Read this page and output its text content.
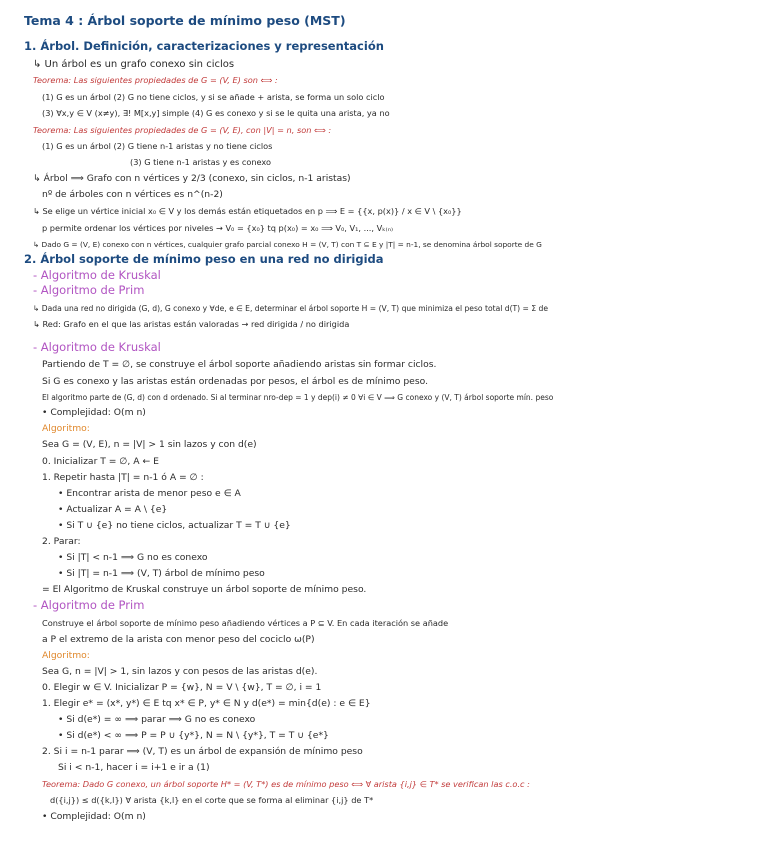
Tema 4 : Árbol soporte de mínimo peso (MST)
1. Árbol. Definición, caracterizaciones y representación
↳ Un árbol es un grafo conexo sin ciclos
Teorema: Las siguientes propiedades de G = (V, E) son ⟺ :
(1) G es un árbol (2) G no tiene ciclos, y si se añade + arista, se forma un solo ciclo
(3) ∀x,y ∈ V (x≠y), ∃! M[x,y] simple (4) G es conexo y si se le quita una arista, ya no
Teorema: Las siguientes propiedades de G = (V, E), con |V| = n, son ⟺ :
(1) G es un árbol (2) G tiene n-1 aristas y no tiene ciclos
(3) G tiene n-1 aristas y es conexo
↳ Árbol ⟹ Grafo con n vértices y 2/3 (conexo, sin ciclos, n-1 aristas)
nº de árboles con n vértices es n^(n-2)
↳ Se elige un vértice inicial x₀ ∈ V y los demás están etiquetados en p ⟹ E = {{x, p(x)} / x ∈ V \ {x₀}}
p permite ordenar los vértices por niveles → V₀ = {x₀} tq p(x₀) = x₀ ⟹ V₀, V₁, ..., Vₖ₍ₙ₎
↳ Dado G = (V, E) conexo con n vértices, cualquier grafo parcial conexo H = (V, T) con T ⊆ E y |T| = n-1, se denomina árbol soporte de G
2. Árbol soporte de mínimo peso en una red no dirigida
- Algoritmo de Kruskal
- Algoritmo de Prim
↳ Dada una red no dirigida (G, d), G conexo y ∀de, e ∈ E, determinar el árbol soporte H = (V, T) que minimiza el peso total d(T) = Σ de
↳ Red: Grafo en el que las aristas están valoradas → red dirigida / no dirigida
- Algoritmo de Kruskal
Partiendo de T = ∅, se construye el árbol soporte añadiendo aristas sin formar ciclos.
Si G es conexo y las aristas están ordenadas por pesos, el árbol es de mínimo peso.
El algoritmo parte de (G, d) con d ordenado. Si al terminar nro-dep = 1 y dep(i) ≠ 0 ∀i ∈ V ⟹ G conexo y (V, T) árbol soporte mín. peso
• Complejidad: O(m n)
Algoritmo:
Sea G = (V, E), n = |V| > 1 sin lazos y con d(e)
0. Inicializar T = ∅, A ← E
1. Repetir hasta |T| = n-1 ó A = ∅ :
• Encontrar arista de menor peso e ∈ A
• Actualizar A = A \ {e}
• Si T ∪ {e} no tiene ciclos, actualizar T = T ∪ {e}
2. Parar:
• Si |T| < n-1 ⟹ G no es conexo
• Si |T| = n-1 ⟹ (V, T) árbol de mínimo peso
= El Algoritmo de Kruskal construye un árbol soporte de mínimo peso.
- Algoritmo de Prim
Construye el árbol soporte de mínimo peso añadiendo vértices a P ⊆ V. En cada iteración se añade
a P el extremo de la arista con menor peso del cociclo ω(P)
Algoritmo:
Sea G, n = |V| > 1, sin lazos y con pesos de las aristas d(e).
0. Elegir w ∈ V. Inicializar P = {w}, N = V \ {w}, T = ∅, i = 1
1. Elegir e* = (x*, y*) ∈ E tq x* ∈ P, y* ∈ N y d(e*) = min{d(e) : e ∈ E}
• Si d(e*) = ∞ ⟹ parar ⟹ G no es conexo
• Si d(e*) < ∞ ⟹ P = P ∪ {y*}, N = N \ {y*}, T = T ∪ {e*}
2. Si i = n-1 parar ⟹ (V, T) es un árbol de expansión de mínimo peso
Si i < n-1, hacer i = i+1 e ir a (1)
Teorema: Dado G conexo, un árbol soporte H* = (V, T*) es de mínimo peso ⟺ ∀ arista {i,j} ∈ T* se verifican las c.o.c :
d({i,j}) ≤ d({k,l}) ∀ arista {k,l} en el corte que se forma al eliminar {i,j} de T*
• Complejidad: O(m n)
